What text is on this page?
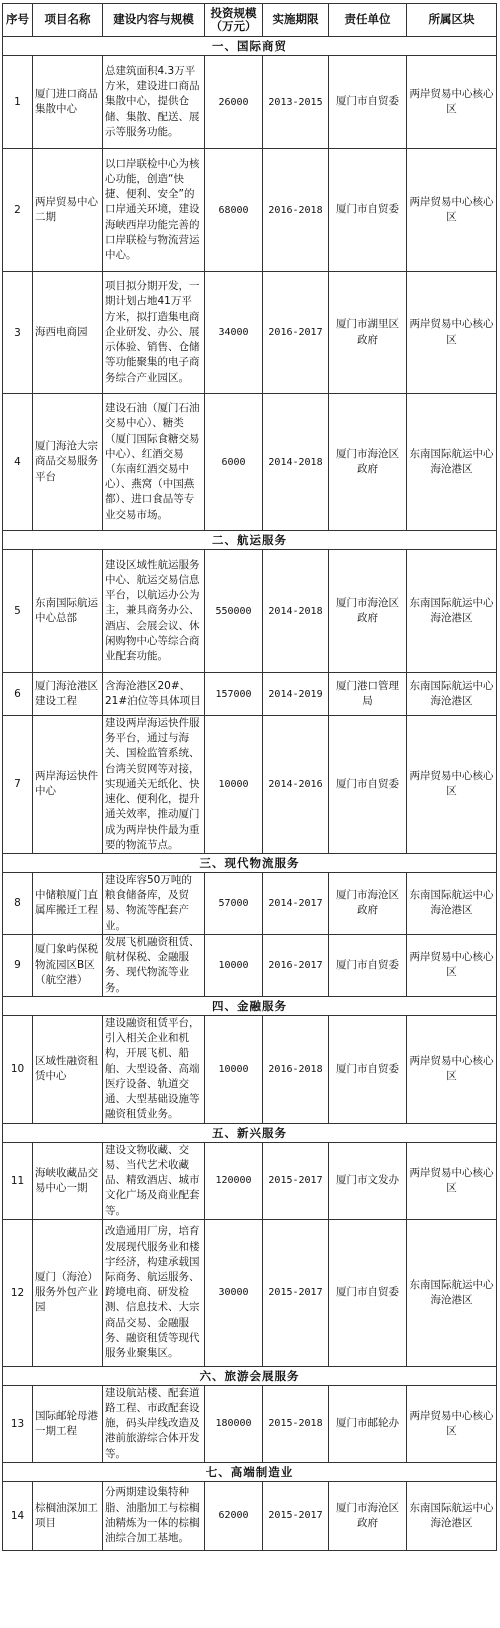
序号	项目名称	建设内容与规模	投资规模（万元）	实施期限	责任单位	所属区块
一、国际商贸						
1	厦门进口商品集散中心	总建筑面积4.3万平方米，建设进口商品集散中心，提供仓储、集散、配送、展示等服务功能。	26000	2013-2015	厦门市自贸委	两岸贸易中心核心区
2	两岸贸易中心二期	以口岸联检中心为核心功能，创造“快捷、便利、安全”的口岸通关环境，建设海峡西岸功能完善的口岸联检与物流营运中心。	68000	2016-2018	厦门市自贸委	两岸贸易中心核心区
3	海西电商园	项目拟分期开发，一期计划占地41万平方米，拟打造集电商企业研发、办公、展示体验、销售、仓储等功能聚集的电子商务综合产业园区。	34000	2016-2017	厦门市湖里区政府	两岸贸易中心核心区
4	厦门海沧大宗商品交易服务平台	建设石油（厦门石油交易中心）、糖类（厦门国际食糖交易中心）、红酒交易（东南红酒交易中心）、燕窝（中国燕都）、进口食品等专业交易市场。	6000	2014-2018	厦门市海沧区政府	东南国际航运中心海沧港区
二、航运服务						
5	东南国际航运中心总部	建设区域性航运服务中心、航运交易信息平台，以航运办公为主，兼具商务办公、酒店、会展会议、休闲购物中心等综合商业配套功能。	550000	2014-2018	厦门市海沧区政府	东南国际航运中心海沧港区
6	厦门海沧港区建设工程	含海沧港区20#、21#泊位等具体项目	157000	2014-2019	厦门港口管理局	东南国际航运中心海沧港区
7	两岸海运快件中心	建设两岸海运快件服务平台，通过与海关、国检监管系统、台湾关贸网等对接，实现通关无纸化、快速化、便利化，提升通关效率，推动厦门成为两岸快件最为重要的物流节点。	10000	2014-2016	厦门市自贸委	两岸贸易中心核心区
三、现代物流服务						
8	中储粮厦门直属库搬迁工程	建设库容50万吨的粮食储备库，及贸易、物流等配套产业。	57000	2014-2017	厦门市海沧区政府	东南国际航运中心海沧港区
9	厦门象屿保税物流园区B区（航空港）	发展飞机融资租赁、航材保税、金融服务、现代物流等业务。	10000	2016-2017	厦门市自贸委	两岸贸易中心核心区
四、金融服务						
10	区域性融资租赁中心	建设融资租赁平台，引入相关企业和机构，开展飞机、船舶、大型设备、高端医疗设备、轨道交通、大型基础设施等融资租赁业务。	10000	2016-2018	厦门市自贸委	两岸贸易中心核心区
五、新兴服务						
11	海峡收藏品交易中心一期	建设文物收藏、交易、当代艺术收藏品、精致酒店、城市文化广场及商业配套等。	120000	2015-2017	厦门市文发办	两岸贸易中心核心区
12	厦门（海沧）服务外包产业园	改造通用厂房，培育发展现代服务业和楼宇经济，构建承载国际商务、航运服务、跨境电商、研发检测、信息技术、大宗商品交易、金融服务、融资租赁等现代服务业聚集区。	30000	2015-2017	厦门市自贸委	东南国际航运中心海沧港区
六、旅游会展服务						
13	国际邮轮母港一期工程	建设航站楼、配套道路工程、市政配套设施，码头岸线改造及港前旅游综合体开发等。	180000	2015-2018	厦门市邮轮办	两岸贸易中心核心区
七、高端制造业						
14	棕榈油深加工项目	分两期建设集特种脂、油脂加工与棕榈油精炼为一体的棕榈油综合加工基地。	62000	2015-2017	厦门市海沧区政府	东南国际航运中心海沧港区
